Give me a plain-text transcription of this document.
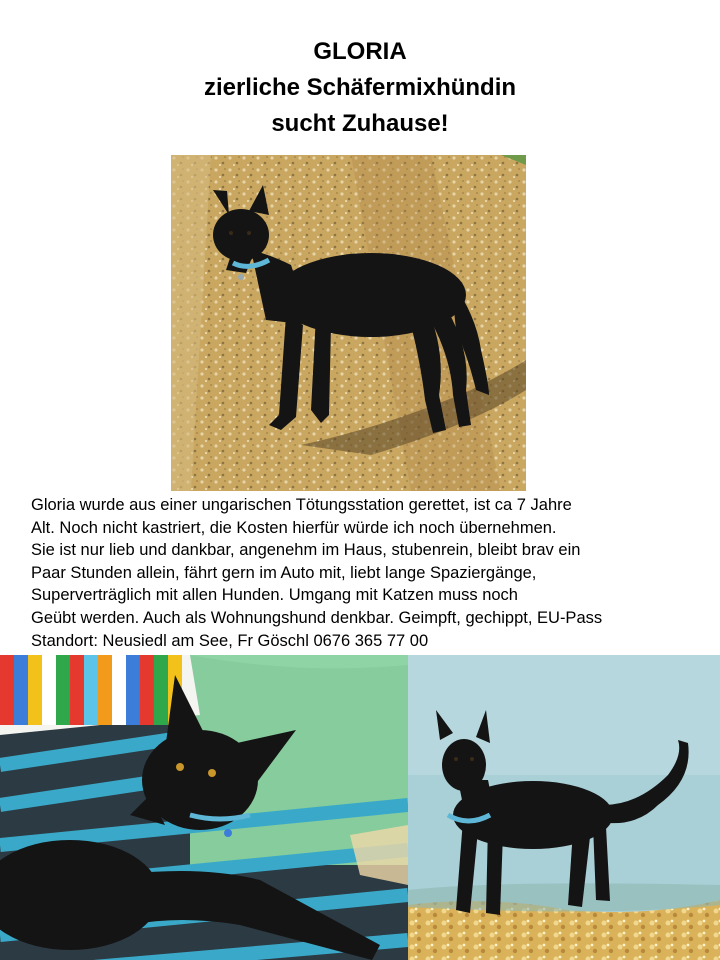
GLORIA
zierliche Schäfermixhündin
sucht Zuhause!
Gloria wurde aus einer ungarischen Tötungsstation gerettet, ist ca 7 Jahre
Alt. Noch nicht kastriert, die Kosten hierfür würde ich noch übernehmen.
Sie ist nur lieb und dankbar, angenehm im Haus, stubenrein, bleibt brav ein
Paar Stunden allein, fährt gern im Auto mit, liebt lange Spaziergänge,
Superverträglich mit allen Hunden. Umgang mit Katzen muss noch
Geübt werden. Auch als Wohnungshund denkbar. Geimpft, gechippt, EU-Pass
Standort: Neusiedl am See, Fr Göschl 0676 365 77 00
